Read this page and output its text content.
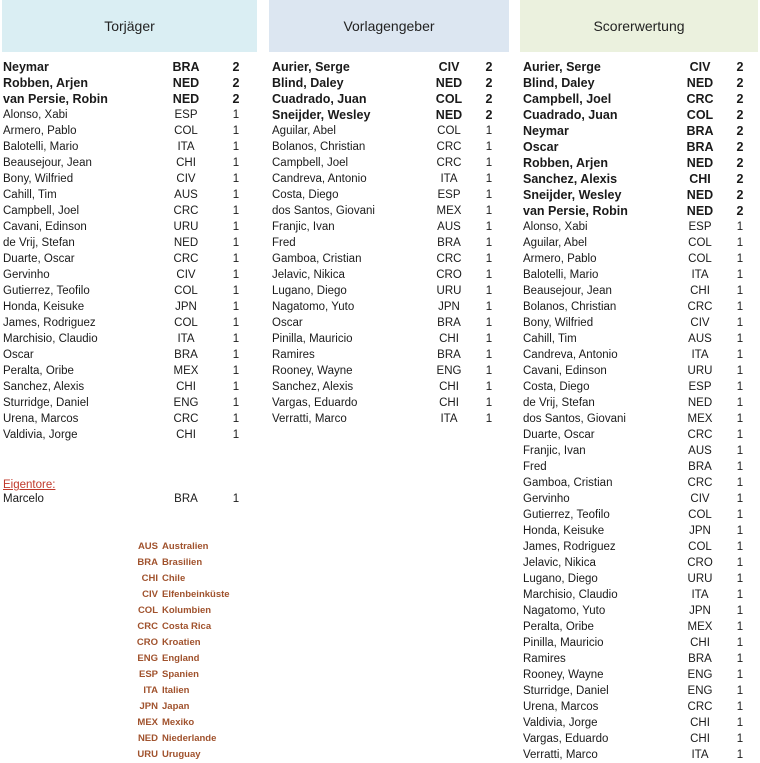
Torjäger	Vorlagengeber	Scorerwertung
Neymar	BRA	2
Robben, Arjen	NED	2
van Persie, Robin	NED	2
Alonso, Xabi	ESP	1
Armero, Pablo	COL	1
Balotelli, Mario	ITA	1
Beausejour, Jean	CHI	1
Bony, Wilfried	CIV	1
Cahill, Tim	AUS	1
Campbell, Joel	CRC	1
Cavani, Edinson	URU	1
de Vrij, Stefan	NED	1
Duarte, Oscar	CRC	1
Gervinho	CIV	1
Gutierrez, Teofilo	COL	1
Honda, Keisuke	JPN	1
James, Rodriguez	COL	1
Marchisio, Claudio	ITA	1
Oscar	BRA	1
Peralta, Oribe	MEX	1
Sanchez, Alexis	CHI	1
Sturridge, Daniel	ENG	1
Urena, Marcos	CRC	1
Valdivia, Jorge	CHI	1
Aurier, Serge	CIV	2
Blind, Daley	NED	2
Cuadrado, Juan	COL	2
Sneijder, Wesley	NED	2
Aguilar, Abel	COL	1
Bolanos, Christian	CRC	1
Campbell, Joel	CRC	1
Candreva, Antonio	ITA	1
Costa, Diego	ESP	1
dos Santos, Giovani	MEX	1
Franjic, Ivan	AUS	1
Fred	BRA	1
Gamboa, Cristian	CRC	1
Jelavic, Nikica	CRO	1
Lugano, Diego	URU	1
Nagatomo, Yuto	JPN	1
Oscar	BRA	1
Pinilla, Mauricio	CHI	1
Ramires	BRA	1
Rooney, Wayne	ENG	1
Sanchez, Alexis	CHI	1
Vargas, Eduardo	CHI	1
Verratti, Marco	ITA	1
Aurier, Serge	CIV	2
Blind, Daley	NED	2
Campbell, Joel	CRC	2
Cuadrado, Juan	COL	2
Neymar	BRA	2
Oscar	BRA	2
Robben, Arjen	NED	2
Sanchez, Alexis	CHI	2
Sneijder, Wesley	NED	2
van Persie, Robin	NED	2
Alonso, Xabi	ESP	1
Aguilar, Abel	COL	1
Armero, Pablo	COL	1
Balotelli, Mario	ITA	1
Beausejour, Jean	CHI	1
Bolanos, Christian	CRC	1
Bony, Wilfried	CIV	1
Cahill, Tim	AUS	1
Candreva, Antonio	ITA	1
Cavani, Edinson	URU	1
Costa, Diego	ESP	1
de Vrij, Stefan	NED	1
dos Santos, Giovani	MEX	1
Duarte, Oscar	CRC	1
Franjic, Ivan	AUS	1
Fred	BRA	1
Gamboa, Cristian	CRC	1
Gervinho	CIV	1
Gutierrez, Teofilo	COL	1
Honda, Keisuke	JPN	1
James, Rodriguez	COL	1
Jelavic, Nikica	CRO	1
Lugano, Diego	URU	1
Marchisio, Claudio	ITA	1
Nagatomo, Yuto	JPN	1
Peralta, Oribe	MEX	1
Pinilla, Mauricio	CHI	1
Ramires	BRA	1
Rooney, Wayne	ENG	1
Sturridge, Daniel	ENG	1
Urena, Marcos	CRC	1
Valdivia, Jorge	CHI	1
Vargas, Eduardo	CHI	1
Verratti, Marco	ITA	1
Eigentore:
Marcelo	BRA	1
AUS Australien
BRA Brasilien
CHI Chile
CIV Elfenbeinküste
COL Kolumbien
CRC Costa Rica
CRO Kroatien
ENG England
ESP Spanien
ITA Italien
JPN Japan
MEX Mexiko
NED Niederlande
URU Uruguay
